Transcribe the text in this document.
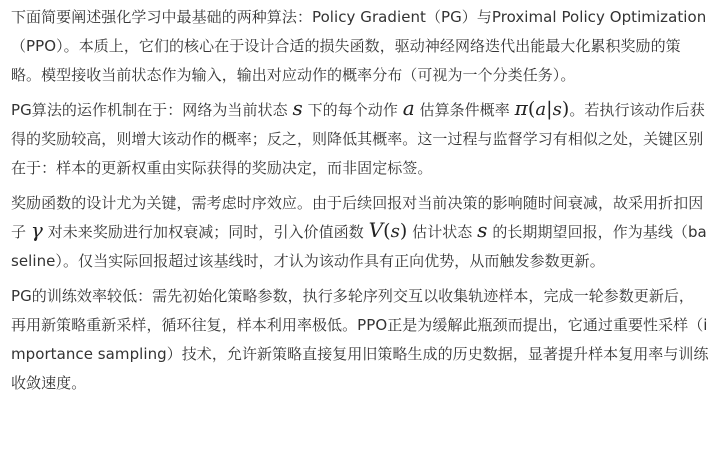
下面简要阐述强化学习中最基础的两种算法：Policy Gradient（PG）与Proximal Policy Optimization（PPO）。本质上，它们的核心在于设计合适的损失函数，驱动神经网络迭代出能最大化累积奖励的策略。模型接收当前状态作为输入，输出对应动作的概率分布（可视为一个分类任务）。

PG算法的运作机制在于：网络为当前状态 s 下的每个动作 a 估算条件概率 π(a|s)。若执行该动作后获得的奖励较高，则增大该动作的概率；反之，则降低其概率。这一过程与监督学习有相似之处，关键区别在于：样本的更新权重由实际获得的奖励决定，而非固定标签。

奖励函数的设计尤为关键，需考虑时序效应。由于后续回报对当前决策的影响随时间衰减，故采用折扣因子 γ 对未来奖励进行加权衰减；同时，引入价值函数 V(s) 估计状态 s 的长期期望回报，作为基线（baseline）。仅当实际回报超过该基线时，才认为该动作具有正向优势，从而触发参数更新。

PG的训练效率较低：需先初始化策略参数，执行多轮序列交互以收集轨迹样本，完成一轮参数更新后，再用新策略重新采样，循环往复，样本利用率极低。PPO正是为缓解此瓶颈而提出，它通过重要性采样（importance sampling）技术，允许新策略直接复用旧策略生成的历史数据，显著提升样本复用率与训练收敛速度。
